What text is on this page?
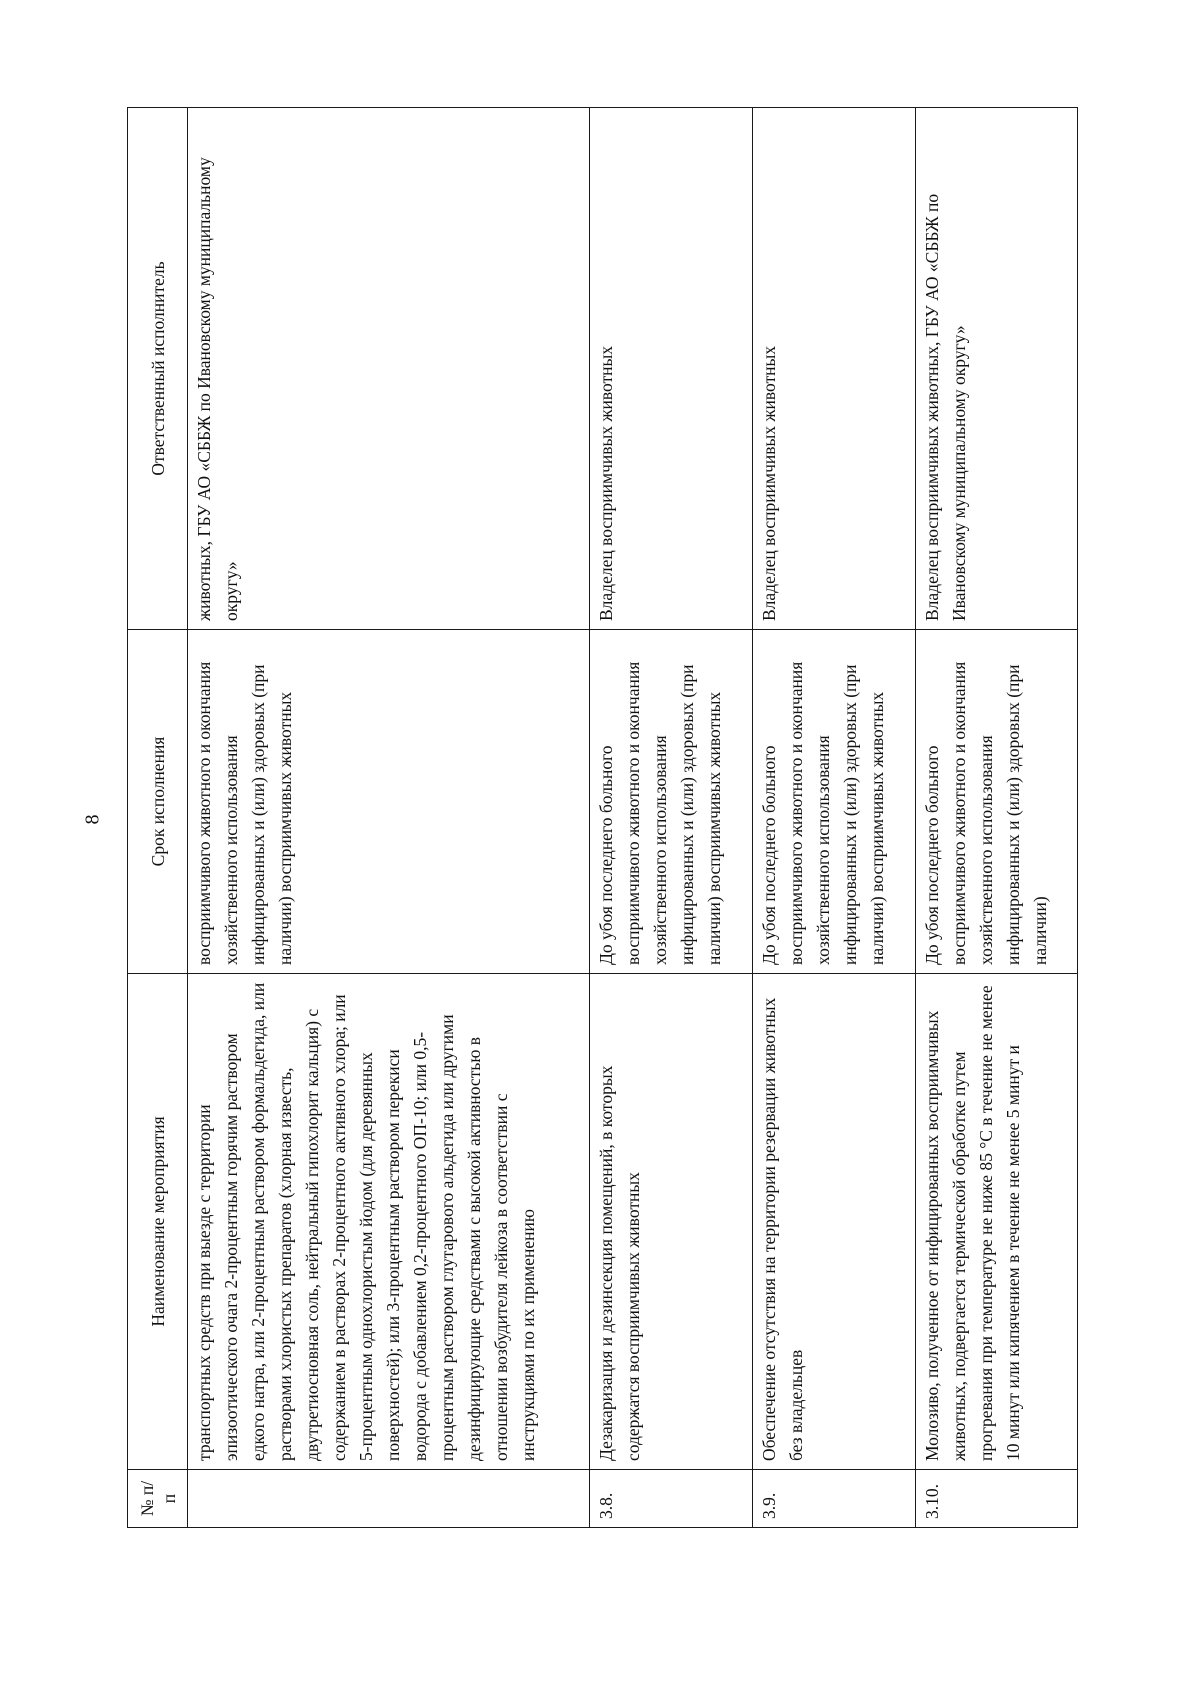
8
№ п/п	Наименование мероприятия	Срок исполнения	Ответственный исполнитель
	транспортных средств при выезде с территории эпизоотического очага 2-процентным горячим раствором едкого натра, или 2-процентным раствором формальдегида, или растворами хлористых препаратов (хлорная известь, двутретиосновная соль, нейтральный гипохлорит кальция) с содержанием в растворах 2-процентного активного хлора; или 5-процентным однохлористым йодом (для деревянных поверхностей); или 3-процентным раствором перекиси водорода с добавлением 0,2-процентного ОП-10; или 0,5-процентным раствором глутарового альдегида или другими дезинфицирующие средствами с высокой активностью в отношении возбудителя лейкоза в соответствии с инструкциями по их применению	восприимчивого животного и окончания хозяйственного использования инфицированных и (или) здоровых (при наличии) восприимчивых животных	животных, ГБУ АО «СББЖ по Ивановскому муниципальному округу»
3.8.	Дезакаризация и дезинсекция помещений, в которых содержатся восприимчивых животных	До убоя последнего больного восприимчивого животного и окончания хозяйственного использования инфицированных и (или) здоровых (при наличии) восприимчивых животных	Владелец восприимчивых животных
3.9.	Обеспечение отсутствия на территории резервации животных без владельцев	До убоя последнего больного восприимчивого животного и окончания хозяйственного использования инфицированных и (или) здоровых (при наличии) восприимчивых животных	Владелец восприимчивых животных
3.10.	Молозиво, полученное от инфицированных восприимчивых животных, подвергается термической обработке путем прогревания при температуре не ниже 85 °С в течение не менее 10 минут или кипячением в течение не менее 5 минут и	До убоя последнего больного восприимчивого животного и окончания хозяйственного использования инфицированных и (или) здоровых (при наличии)	Владелец восприимчивых животных, ГБУ АО «СББЖ по Ивановскому муниципальному округу»
